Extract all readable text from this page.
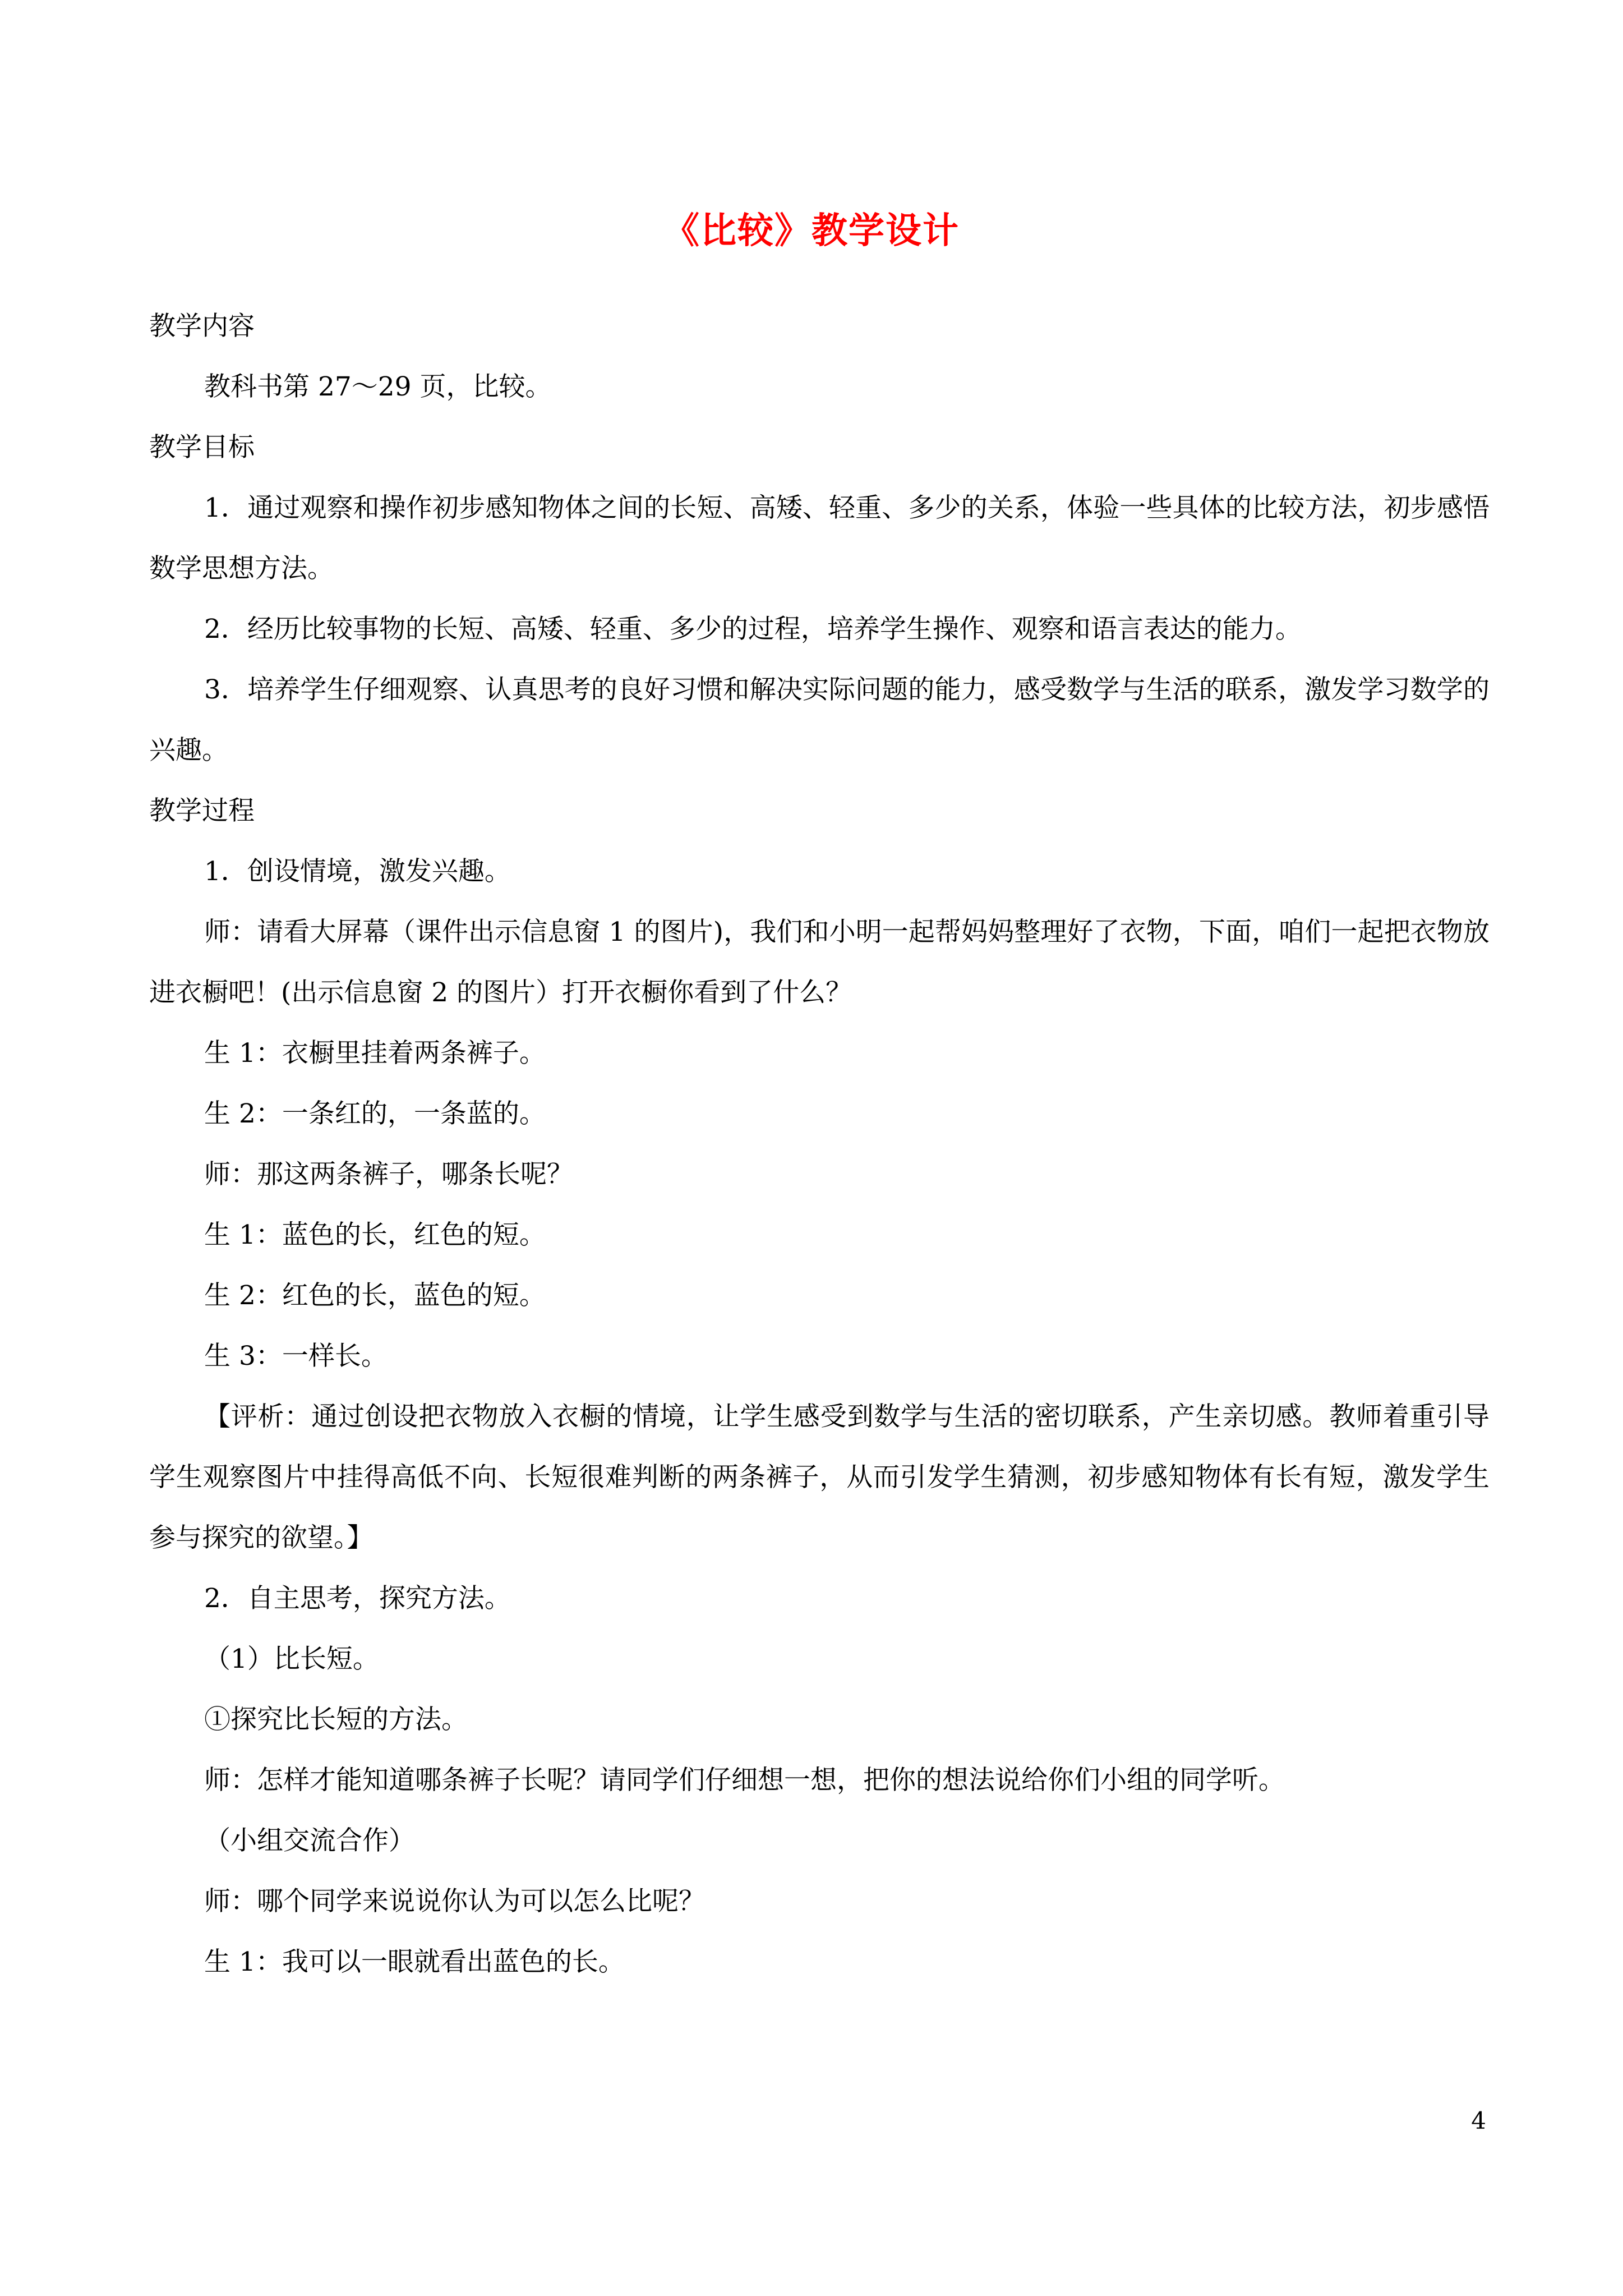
《比较》教学设计

教学内容

教科书第 27～29 页，比较。

教学目标

1．通过观察和操作初步感知物体之间的长短、高矮、轻重、多少的关系，体验一些具体的比较方法，初步感悟数学思想方法。

2．经历比较事物的长短、高矮、轻重、多少的过程，培养学生操作、观察和语言表达的能力。

3．培养学生仔细观察、认真思考的良好习惯和解决实际问题的能力，感受数学与生活的联系，激发学习数学的兴趣。

教学过程

1．创设情境，激发兴趣。

师：请看大屏幕（课件出示信息窗 1 的图片)，我们和小明一起帮妈妈整理好了衣物，下面，咱们一起把衣物放进衣橱吧！(出示信息窗 2 的图片）打开衣橱你看到了什么？

生 1：衣橱里挂着两条裤子。

生 2：一条红的，一条蓝的。

师：那这两条裤子，哪条长呢？

生 1：蓝色的长，红色的短。

生 2：红色的长，蓝色的短。

生 3：一样长。

【评析：通过创设把衣物放入衣橱的情境，让学生感受到数学与生活的密切联系，产生亲切感。教师着重引导学生观察图片中挂得高低不向、长短很难判断的两条裤子，从而引发学生猜测，初步感知物体有长有短，激发学生参与探究的欲望。】

2．自主思考，探究方法。

（1）比长短。

①探究比长短的方法。

师：怎样才能知道哪条裤子长呢？请同学们仔细想一想，把你的想法说给你们小组的同学听。

（小组交流合作）

师：哪个同学来说说你认为可以怎么比呢？

生 1：我可以一眼就看出蓝色的长。

4
